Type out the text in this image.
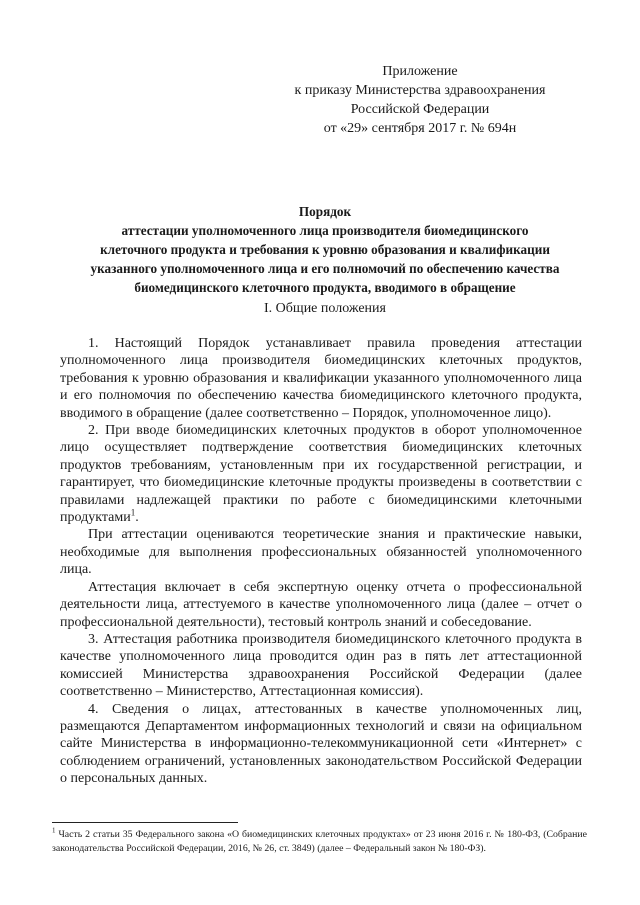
Приложение
к приказу Министерства здравоохранения
Российской Федерации
от «29» сентября 2017 г. № 694н
Порядок
аттестации уполномоченного лица производителя биомедицинского
клеточного продукта и требования к уровню образования и квалификации
указанного уполномоченного лица и его полномочий по обеспечению качества
биомедицинского клеточного продукта, вводимого в обращение
I. Общие положения

1. Настоящий Порядок устанавливает правила проведения аттестации уполномоченного лица производителя биомедицинских клеточных продуктов, требования к уровню образования и квалификации указанного уполномоченного лица и его полномочия по обеспечению качества биомедицинского клеточного продукта, вводимого в обращение (далее соответственно – Порядок, уполномоченное лицо).

2. При вводе биомедицинских клеточных продуктов в оборот уполномоченное лицо осуществляет подтверждение соответствия биомедицинских клеточных продуктов требованиям, установленным при их государственной регистрации, и гарантирует, что биомедицинские клеточные продукты произведены в соответствии с правилами надлежащей практики по работе с биомедицинскими клеточными продуктами$^1$.

При аттестации оцениваются теоретические знания и практические навыки, необходимые для выполнения профессиональных обязанностей уполномоченного лица.

Аттестация включает в себя экспертную оценку отчета о профессиональной деятельности лица, аттестуемого в качестве уполномоченного лица (далее – отчет о профессиональной деятельности), тестовый контроль знаний и собеседование.

3. Аттестация работника производителя биомедицинского клеточного продукта в качестве уполномоченного лица проводится один раз в пять лет аттестационной комиссией Министерства здравоохранения Российской Федерации (далее соответственно – Министерство, Аттестационная комиссия).

4. Сведения о лицах, аттестованных в качестве уполномоченных лиц, размещаются Департаментом информационных технологий и связи на официальном сайте Министерства в информационно-телекоммуникационной сети «Интернет» с соблюдением ограничений, установленных законодательством Российской Федерации о персональных данных.

$^1$ Часть 2 статьи 35 Федерального закона «О биомедицинских клеточных продуктах» от 23 июня 2016 г. № 180-ФЗ, (Собрание законодательства Российской Федерации, 2016, № 26, ст. 3849) (далее – Федеральный закон № 180-ФЗ).
